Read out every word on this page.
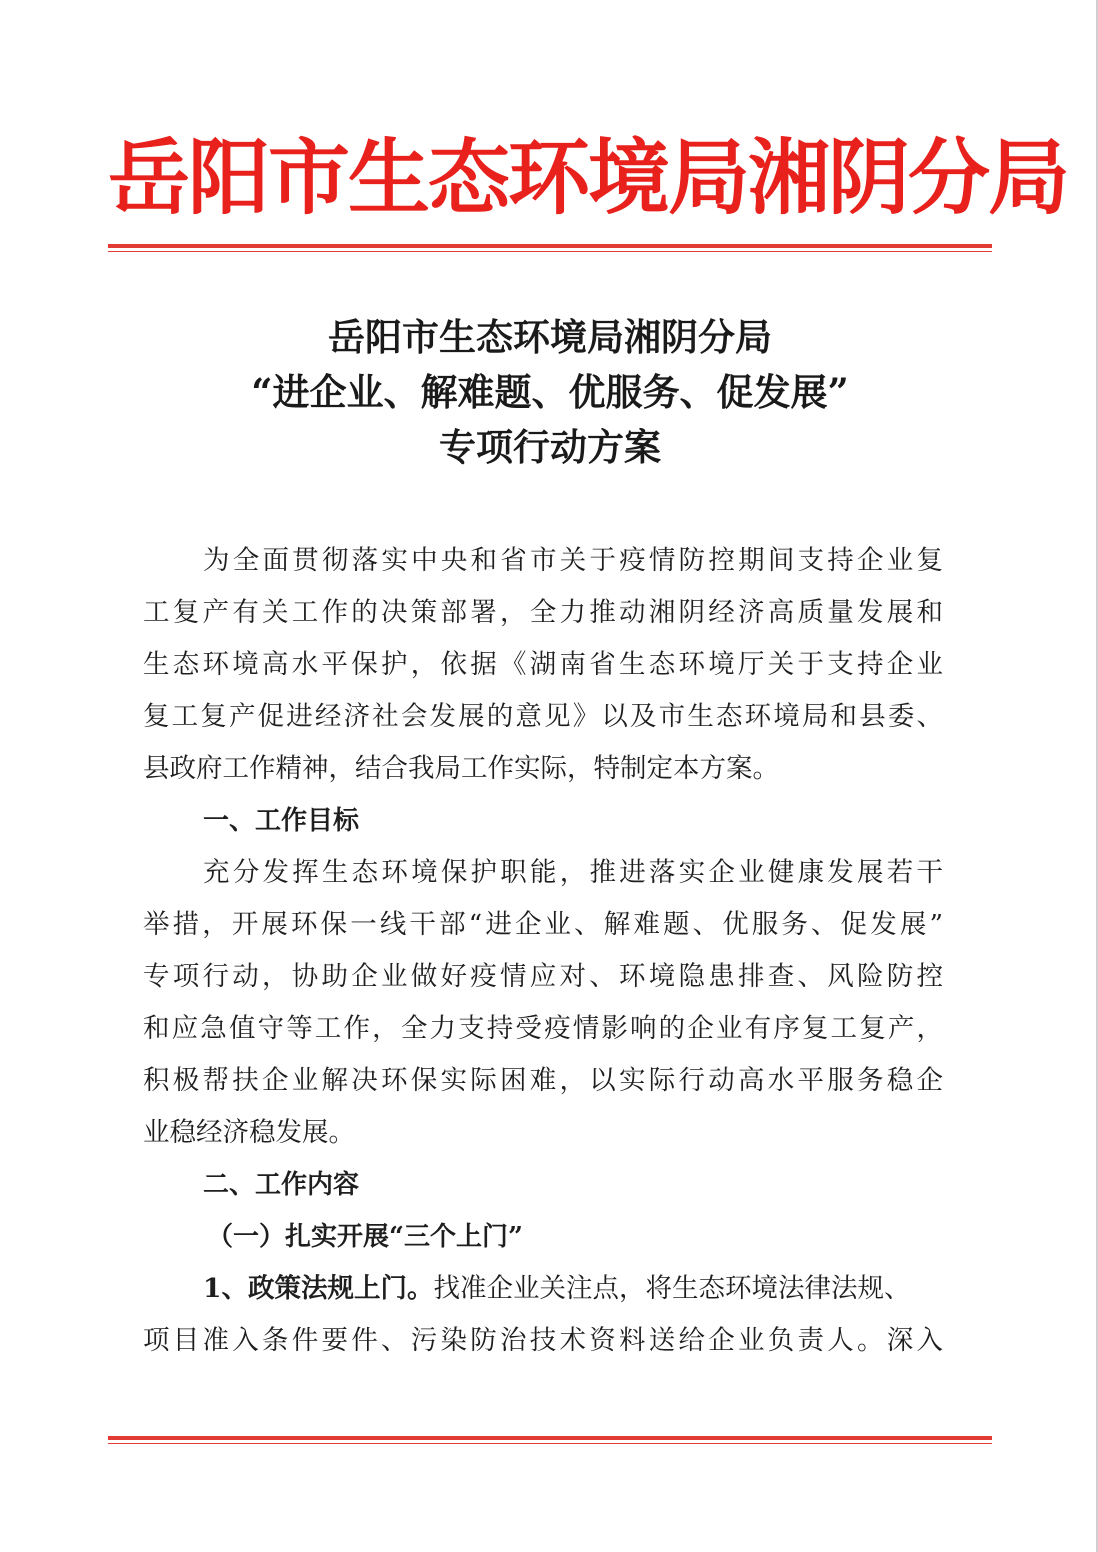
岳
阳
市
生
态
环
境
局
湘
阴
分
局
岳阳市生态环境局湘阴分局
“进企业、解难题、优服务、促发展”
专项行动方案
为全面贯彻落实中央和省市关于疫情防控期间支持企业复
工复产有关工作的决策部署，全力推动湘阴经济高质量发展和
生态环境高水平保护，依据《湖南省生态环境厅关于支持企业
复工复产促进经济社会发展的意见》以及市生态环境局和县委、
县政府工作精神，结合我局工作实际，特制定本方案。
一、工作目标
充分发挥生态环境保护职能，推进落实企业健康发展若干
举措，开展环保一线干部“进企业、解难题、优服务、促发展”
专项行动，协助企业做好疫情应对、环境隐患排查、风险防控
和应急值守等工作，全力支持受疫情影响的企业有序复工复产，
积极帮扶企业解决环保实际困难，以实际行动高水平服务稳企
业稳经济稳发展。
二、工作内容
（一）扎实开展“三个上门”
1、政策法规上门。找准企业关注点，将生态环境法律法规、
项目准入条件要件、污染防治技术资料送给企业负责人。深入
